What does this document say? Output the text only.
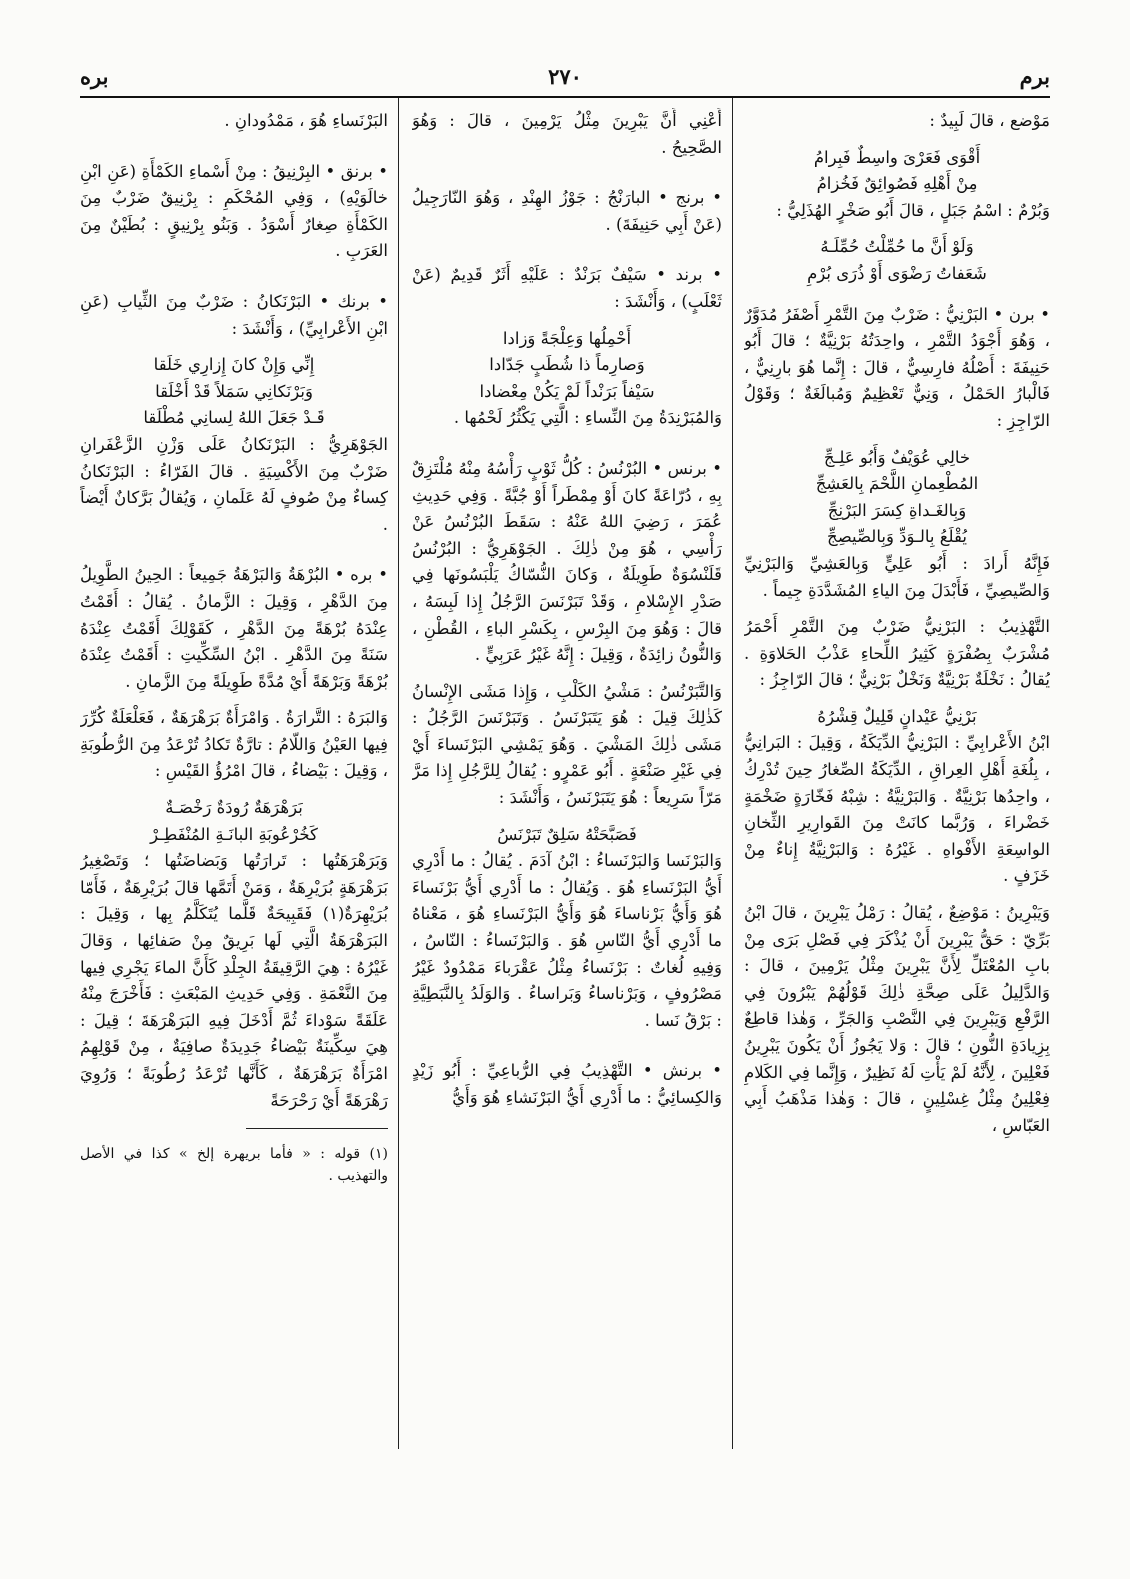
٢٧٠	برم
بره

مَوْضع ، قالَ لَبِيدٌ :

أَقْوَى فَعَرْىَ واسِطٌ فَبِرامُ

مِنْ أَهْلِهِ فَصُوائِقٌ فَخُزامُ

وَبُرْمٌ : اسْمُ جَبَلٍ ، قالَ أَبُو صَخْرٍ الهُذَلِيُّ :

وَلَوْ أَنَّ ما حُمِّلْتُ حُمِّلَـهُ

شَعَفاتُ رَضْوَى أَوْ ذُرَى بُرْمِ

• برن • البَرْنِيُّ : ضَرْبٌ مِنَ التَّمْرِ أَصْفَرُ مُدَوَّرٌ ، وَهُوَ أَجْوَدُ التَّمْرِ ، واحِدَتُهُ بَرْنِيَّةٌ ؛ قالَ أَبُو حَنِيفَةَ : أَصْلُهُ فارِسِيٌّ ، قالَ : إِنَّما هُوَ بارِنِيٌّ ، فَالْبارُ الحَمْلُ ، وَنِيٌّ تَعْظِيمٌ وَمُبالَغَةٌ ؛ وَقَوْلُ الرّاجِزِ :

خالِي عُوَيْفٌ وَأَبُو عَلِـجِّ

المُطْعِمانِ اللَّحْمَ بِالعَشِجِّ

وَبِالغَـداةِ كِسَرَ البَرْنِجِّ

يُقْلَعُ بِالـوَدِّ وَبِالصِّيصِجِّ

فَإِنَّهُ أَرادَ : أَبُو عَلِيٍّ وَبِالعَشِيِّ وَالبَرْنِيِّ وَالصِّيصِيِّ ، فَأَبْدَلَ مِنَ الياءِ المُشَدَّدَةِ جِيماً .

التَّهْذِيبُ : البَرْنِيُّ ضَرْبٌ مِنَ التَّمْرِ أَحْمَرُ مُشْرَبٌ بِصُفْرَةٍ كَثِيرُ اللِّحاءِ عَذْبُ الحَلاوَةِ . يُقالُ : نَخْلَةٌ بَرْنِيَّةٌ وَنَخْلٌ بَرْنِيٌّ ؛ قالَ الرّاجِزُ :

بَرْنِيُّ عَيْدانٍ قَلِيلٌ قِشْرُهُ

ابْنُ الأَعْرابِيِّ : البَرْنِيُّ الدِّيَكَةُ ، وَقِيلَ : البَرانِيُّ ، بِلُغَةِ أَهْلِ العِراقِ ، الدِّيَكَةُ الصِّغارُ حِينَ تُدْرِكُ ، واحِدُها بَرْنِيَّةٌ . وَالبَرْنِيَّةُ : شِبْهُ فَخّارَةٍ ضَخْمَةٍ خَضْراءَ ، وَرُبَّما كانَتْ مِنَ القَوارِيرِ الثِّخانِ الواسِعَةِ الأَفْواهِ . غَيْرُهُ : وَالبَرْنِيَّةُ إِناءٌ مِنْ خَزَفٍ .

وَيَبْرِينُ : مَوْضِعٌ ، يُقالُ : رَمْلُ يَبْرِينَ ، قالَ ابْنُ بَرِّيّ : حَقُّ يَبْرِينَ أَنْ يُذْكَرَ فِي فَصْلِ بَرَى مِنْ بابِ المُعْتَلِّ لِأَنَّ يَبْرِينَ مِثْلُ يَرْمِينَ ، قالَ : وَالدَّلِيلُ عَلَى صِحَّةِ ذٰلِكَ قَوْلُهُمْ يَبْرُونَ فِي الرَّفْعِ وَيَبْرِينَ فِي النَّصْبِ وَالجَرِّ ، وَهٰذا قاطِعٌ بِزِيادَةِ النُّونِ ؛ قالَ : وَلا يَجُوزُ أَنْ يَكُونَ يَبْرِينُ فَعْلِينَ ، لِأَنَّهُ لَمْ يَأْتِ لَهُ نَظِيرٌ ، وَإِنَّما فِي الكَلامِ فِعْلِينُ مِثْلُ غِسْلِينٍ ، قالَ : وَهٰذا مَذْهَبُ أَبِي العَبّاسِ ،

أَعْنِي أَنَّ يَبْرِينَ مِثْلُ يَرْمِينَ ، قالَ : وَهُوَ الصَّحِيحُ .

• برنج • البارَنْجُ : جَوْزُ الهِنْدِ ، وَهُوَ النّارَجِيلُ (عَنْ أَبِي حَنِيفَةَ) .

• برند • سَيْفٌ بَرَنْدٌ : عَلَيْهِ أَثَرٌ قَدِيمٌ (عَنْ ثَعْلَبٍ) ، وَأَنْشَدَ :

أَحْمِلُها وَعِلْجَةً وَزادا

وَصارِماً ذا شُطَبٍ جَدّادا

سَيْفاً بَرَنْداً لَمْ يَكُنْ مِعْضادا

وَالمُبَرْنِدَةُ مِنَ النِّساءِ : الَّتِي يَكْثُرُ لَحْمُها .

• برنس • البُرْنُسُ : كُلُّ ثَوْبٍ رَأْسُهُ مِنْهُ مُلْتَزِقٌ بِهِ ، دُرّاعَةً كانَ أَوْ مِمْطَراً أَوْ جُبَّةً . وَفِي حَدِيثِ عُمَرَ ، رَضِيَ اللهُ عَنْهُ : سَقَطَ البُرْنُسُ عَنْ رَأْسِي ، هُوَ مِنْ ذٰلِكَ . الجَوْهَرِيُّ : البُرْنُسُ قَلَنْسُوَةٌ طَوِيلَةٌ ، وَكانَ النُّسّاكُ يَلْبَسُونَها فِي صَدْرِ الإِسْلامِ ، وَقَدْ تَبَرْنَسَ الرَّجُلُ إِذا لَبِسَهُ ، قالَ : وَهُوَ مِنَ البِرْسِ ، بِكَسْرِ الباءِ ، القُطْنِ ، وَالنُّونُ زائِدَةٌ ، وَقِيلَ : إِنَّهُ غَيْرُ عَرَبِيٍّ .

وَالتَّبَرْنُسُ : مَشْيُ الكَلْبِ ، وَإِذا مَشَى الإِنْسانُ كَذٰلِكَ قِيلَ : هُوَ يَتَبَرْنَسُ . وَتَبَرْنَسَ الرَّجُلُ : مَشَى ذٰلِكَ المَشْيَ . وَهُوَ يَمْشِي البَرْنَساءَ أَيْ فِي غَيْرِ صَنْعَةٍ . أَبُو عَمْرٍو : يُقالُ لِلرَّجُلِ إِذا مَرَّ مَرّاً سَرِيعاً : هُوَ يَتَبَرْنَسُ ، وَأَنْشَدَ :

فَصَبَّحَتْهُ سَلِقٌ تَبَرْنَسُ

وَالبَرْنَسا وَالبَرْنَساءُ : ابْنُ آدَمَ . يُقالُ : ما أَدْرِي أَيُّ البَرْنَساءِ هُوَ . وَيُقالُ : ما أَدْرِي أَيُّ بَرْنَساءَ هُوَ وَأَيُّ بَرْناساءَ هُوَ وَأَيُّ البَرْنَساءِ هُوَ ، مَعْناهُ ما أَدْرِي أَيُّ النّاسِ هُوَ . وَالبَرْنَساءُ : النّاسُ ، وَفِيهِ لُغاتٌ : بَرْنَساءُ مِثْلُ عَقْرَباءَ مَمْدُودٌ غَيْرُ مَصْرُوفٍ ، وَبَرْناساءُ وَبَراساءُ . وَالوَلَدُ بِالنَّبَطِيَّةِ : بَرْقُ نَسا .

• برنش • التَّهْذِيبُ فِي الرُّباعِيِّ : أَبُو زَيْدٍ وَالكِسائِيُّ : ما أَدْرِي أَيُّ البَرْنَشاءِ هُوَ وَأَيُّ

البَرْنَساءِ هُوَ ، مَمْدُودانِ .

• برنق • البِرْنِيقُ : مِنْ أَسْماءِ الكَمْأَةِ (عَنِ ابْنِ خالَوَيْهِ) ، وَفِي المُحْكَمِ : بِرْنِيقٌ ضَرْبٌ مِنَ الكَمْأَةِ صِغارٌ أَسْوَدُ . وَبَنُو بِرْنِيقٍ : بُطَيْنٌ مِنَ العَرَبِ .

• برنك • البَرْنَكانُ : ضَرْبٌ مِنَ الثِّيابِ (عَنِ ابْنِ الأَعْرابِيِّ) ، وَأَنْشَدَ :

إِنِّي وَإِنْ كانَ إِزارِي خَلَقا

وَبَرْنَكانِي سَمَلاً قَدْ أَخْلَقا

قَـدْ جَعَلَ اللهُ لِسانِي مُطْلَقا

الجَوْهَرِيُّ : البَرْنَكانُ عَلَى وَزْنِ الزَّعْفَرانِ ضَرْبٌ مِنَ الأَكْسِيَةِ . قالَ الفَرّاءُ : البَرْنَكانُ كِساءٌ مِنْ صُوفٍ لَهُ عَلَمانِ ، وَيُقالُ بَرَّكانٌ أَيْضاً .

• بره • البُرْهَةُ وَالبَرْهَةُ جَمِيعاً : الحِينُ الطَّوِيلُ مِنَ الدَّهْرِ ، وَقِيلَ : الزَّمانُ . يُقالُ : أَقَمْتُ عِنْدَهُ بُرْهَةً مِنَ الدَّهْرِ ، كَقَوْلِكَ أَقَمْتُ عِنْدَهُ سَنَةً مِنَ الدَّهْرِ . ابْنُ السِّكِّيتِ : أَقَمْتُ عِنْدَهُ بُرْهَةً وَبَرْهَةً أَيْ مُدَّةً طَوِيلَةً مِنَ الزَّمانِ .

وَالبَرَهُ : التَّرارَةُ . وَامْرَأَةٌ بَرَهْرَهَةٌ ، فَعَلْعَلَةٌ كُرِّرَ فِيها العَيْنُ وَاللّامُ : تارَّةٌ تَكادُ تُرْعَدُ مِنَ الرُّطُوبَةِ ، وَقِيلَ : بَيْضاءُ ، قالَ امْرُؤُ القَيْسِ :

بَرَهْرَهَةٌ رُودَةٌ رَخْصَـةٌ

كَخُرْعُوبَةِ البانَـةِ المُنْفَطِـرْ

وَبَرَهْرَهَتُها : تَرارَتُها وَبَضاضَتُها ؛ وَتَصْغِيرُ بَرَهْرَهَةٍ بُرَيْرِهَةٌ ، وَمَنْ أَتَمَّها قالَ بُرَيْرِهَةٌ ، فَأَمّا بُرَيْهِرَةٌ(١) فَقَبِيحَةٌ قَلَّما يُتَكَلَّمُ بِها ، وَقِيلَ : البَرَهْرَهَةُ الَّتِي لَها بَرِيقٌ مِنْ صَفائِها ، وَقالَ غَيْرُهُ : هِيَ الرَّقِيقَةُ الجِلْدِ كَأَنَّ الماءَ يَجْرِي فِيها مِنَ النَّعْمَةِ . وَفِي حَدِيثِ المَبْعَثِ : فَأَخْرَجَ مِنْهُ عَلَقَةً سَوْداءَ ثُمَّ أَدْخَلَ فِيهِ البَرَهْرَهَةَ ؛ قِيلَ : هِيَ سِكِّينَةٌ بَيْضاءُ جَدِيدَةٌ صافِيَةٌ ، مِنْ قَوْلِهِمُ امْرَأَةٌ بَرَهْرَهَةٌ ، كَأَنَّها تُرْعَدُ رُطُوبَةً ؛ وَرُوِيَ رَهْرَهَةً أَيْ رَحْرَحَةً

(١) قوله : « فأما بريهرة إلخ » كذا في الأصل والتهذيب .
